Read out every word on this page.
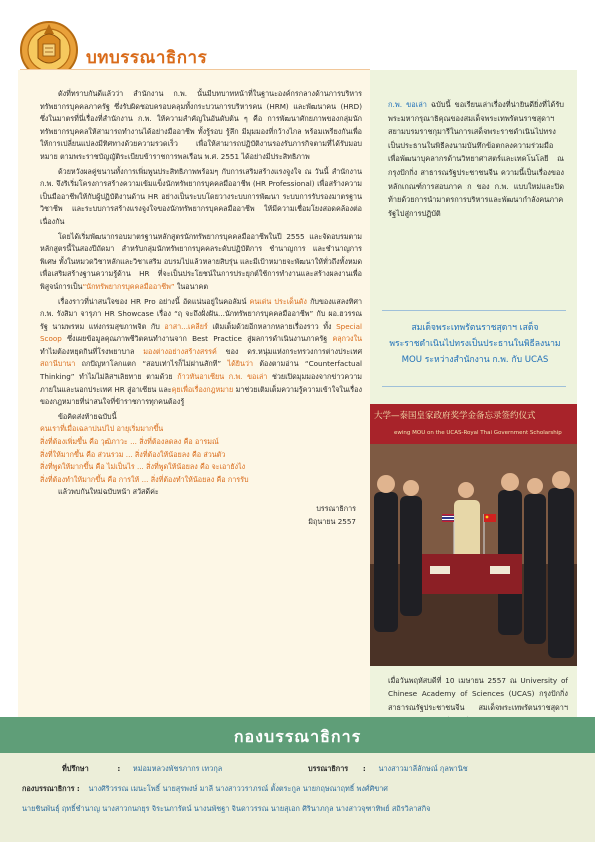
บทบรรณาธิการ

ดังที่ทราบกันดีแล้วว่า สำนักงาน ก.พ. นั้นมีบทบาทหน้าที่ในฐานะองค์กรกลางด้านการบริหารทรัพยากรบุคคลภาครัฐ ซึ่งรับผิดชอบครอบคลุมทั้งกระบวนการบริหารคน (HRM) และพัฒนาคน (HRD) ซึ่งในมาตรที่นี่เรื่องที่สำนักงาน ก.พ. ให้ความสำคัญในอันดับต้น ๆ คือ การพัฒนาศักยภาพของกลุ่มนักทรัพยากรบุคคลให้สามารถทำงานได้อย่างมืออาชีพ ทั้งรู้รอบ รู้ลึก มีมุมมองที่กว้างไกล พร้อมเพรียงกันเพื่อให้การเปลี่ยนแปลงมีทิศทางด้วยความรวดเร็ว เพื่อให้สามารถปฏิบัติงานรองรับภารกิจตามที่ได้รับมอบหมาย ตามพระราชบัญญัติระเบียบข้าราชการพลเรือน พ.ศ. 2551 ได้อย่างมีประสิทธิภาพ

ด้วยหวังผลคู่ขนานทั้งการเพิ่มพูนประสิทธิภาพพร้อมๆ กับการเสริมสร้างแรงจูงใจ ณ วันนี้ สำนักงาน ก.พ. จึงริเริ่มโครงการสร้างความเข้มแข็งนักทรัพยากรบุคคลมืออาชีพ (HR Professional) เพื่อสร้างความเป็นมืออาชีพให้กับผู้ปฏิบัติงานด้าน HR อย่างเป็นระบบโดยวางระบบการพัฒนา ระบบการรับรองมาตรฐานวิชาชีพ และระบบการสร้างแรงจูงใจของนักทรัพยากรบุคคลมืออาชีพ ให้มีความเชื่อมโยงสอดคล้องต่อเนื่องกัน

โดยได้เริ่มพัฒนากรอบมาตรฐานหลักสูตรนักทรัพยากรบุคคลมืออาชีพในปี 2555 และจัดอบรมตามหลักสูตรนี้ในสองปีถัดมา สำหรับกลุ่มนักทรัพยากรบุคคลระดับปฏิบัติการ ชำนาญการ และชำนาญการพิเศษ ทั้งในหมวดวิชาหลักและวิชาเสริม อบรมไปแล้วหลายสิบรุ่น และมีเป้าหมายจะพัฒนาให้ทั่วถึงทั้งหมด เพื่อเสริมสร้างฐานความรู้ด้าน HR ที่จะเป็นประโยชน์ในการประยุกต์ใช้การทำงานและสร้างผลงานเพื่อพิสูจน์การเป็น“นักทรัพยากรบุคคลมืออาชีพ” ในอนาคต

เรื่องราวที่น่าสนใจของ HR Pro อย่างนี้ อัดแน่นอยู่ในคอลัมน์ คนเด่น ประเด็นดัง กับของแสลงทิศา ก.พ. รังสิมา จารุภา HR Showcase เรื่อง “ฤ จะถึงฝั่งฝัน...นักทรัพยากรบุคคลมืออาชีพ” กับ ผอ.ฮวรรณรัฐ นามพรหม แห่งกรมสุขภาพจิต กับ อาสา...เคลียร์ เติมเต็มด้วยอีกหลากหลายเรื่องราว ทั้ง Special Scoop ซึ่งเผยข้อมูลคุณภาพชีวิตคนทำงานจาก Best Practice สู่ผลการดำเนินงานภาครัฐ คลุกวงใน ทำไมต้องหยุดกินที่โรงพยาบาล มองต่างอย่างสร้างสรรค์ ของ ดร.หนุ่มแห่งกระทรวงการต่างประเทศ สถานีบานา ถกปัญหาโลกแตก “สอบเท่าไรก็ไม่ผ่านสักที” ได้ยินว่า ต้องตามอ่าน “Counterfactual Thinking” ทำไมไม่ลิสฯเลิยทาย ตามด้วย ก้าวทันอาเซียน ก.พ. ขอเล่า ช่วยเปิดมุมมองจากข่าวความภายในและนอกประเทศ HR สู่อาเซียน และคุยเพื่อเรื่องกฎหมาย มาช่วยเติมเต็มความรู้ความเข้าใจในเรื่องของกฎหมายที่น่าสนใจที่ข้าราชการทุกคนต้องรู้

ข้อคิดส่งท้ายฉบับนี้
คนเราที่เมื่อเฉลาปนปไป อายุเริ่มมากขึ้น
สิ่งที่ต้องเพิ่มขึ้น คือ วุฒิภาวะ ... สิ่งที่ต้องลดลง คือ อารมณ์
สิ่งที่ให้มากขึ้น คือ ส่วนรวม ... สิ่งที่ต้องให้น้อยลง คือ ส่วนตัว
สิ่งที่พูดให้มากขึ้น คือ ไม่เป็นไร ... สิ่งที่พูดให้น้อยลง คือ จะเอายังไง
สิ่งที่ต้องทำให้มากขึ้น คือ การให้ ... สิ่งที่ต้องทำให้น้อยลง คือ การรับ
แล้วพบกันใหม่ฉบับหน้า สวัสดีค่ะ
บรรณาธิการ
มิถุนายน 2557
ก.พ. ขอเล่า ฉบับนี้ ขอเรียนเล่าเรื่องที่น่ายินดียิ่งที่ได้รับพระมหากรุณาธิคุณของสมเด็จพระเทพรัตนราชสุดาฯ สยามบรมราชกุมารีในการเสด็จพระราชดำเนินไปทรงเป็นประธานในพิธีลงนามบันทึกข้อตกลงความร่วมมือเพื่อพัฒนาบุคลากรด้านวิทยาศาสตร์และเทคโนโลยี ณ กรุงปักกิ่ง สาธารณรัฐประชาชนจีน ความนี้เป็นเรื่องของหลักเกณฑ์การสอบภาค ก ของ ก.พ. แบบใหม่และปิดท้ายด้วยการนำมาตรการบริหารและพัฒนากำลังคนภาครัฐไปสู่การปฏิบัติ
สมเด็จพระเทพรัตนราชสุดาฯ เสด็จพระราชดำเนินไปทรงเป็นประธานในพิธีลงนาม MOU ระหว่างสำนักงาน ก.พ. กับ UCAS
大学—泰国皇家政府奖学金备忘录签约仪式
ewing MOU on the UCAS-Royal Thai Government Scholarship
เมื่อวันพฤหัสบดีที่ 10 เมษายน 2557 ณ University of Chinese Academy of Sciences (UCAS) กรุงปักกิ่ง สาธารณรัฐประชาชนจีน สมเด็จพระเทพรัตนราชสุดาฯ
กองบรรณาธิการ
ที่ปรึกษา	: หม่อมหลวงพัชรภากร เทวกุล	บรรณาธิการ : นางสาวมาลีลักษณ์ กุลพานิช
กองบรรณาธิการ : นางศิริวรรณ เมนะโพธิ์ นายสุรพงษ์ มาลี นางสาววราภรณ์ ตั้งตระกูล นายกฤษณาฤทธิ์ พงศ์ศิขาศ
นายชินพันธุ์ ฤทธิ์ชำนาญ นางสาวกนกยุร จิระนภารัตน์ นางนพัชฐา จินดาวรรณ นายสุเอก ศิรินาภกุล นางสาวจุฑาทิพย์ สถิรวิลาสกิจ
